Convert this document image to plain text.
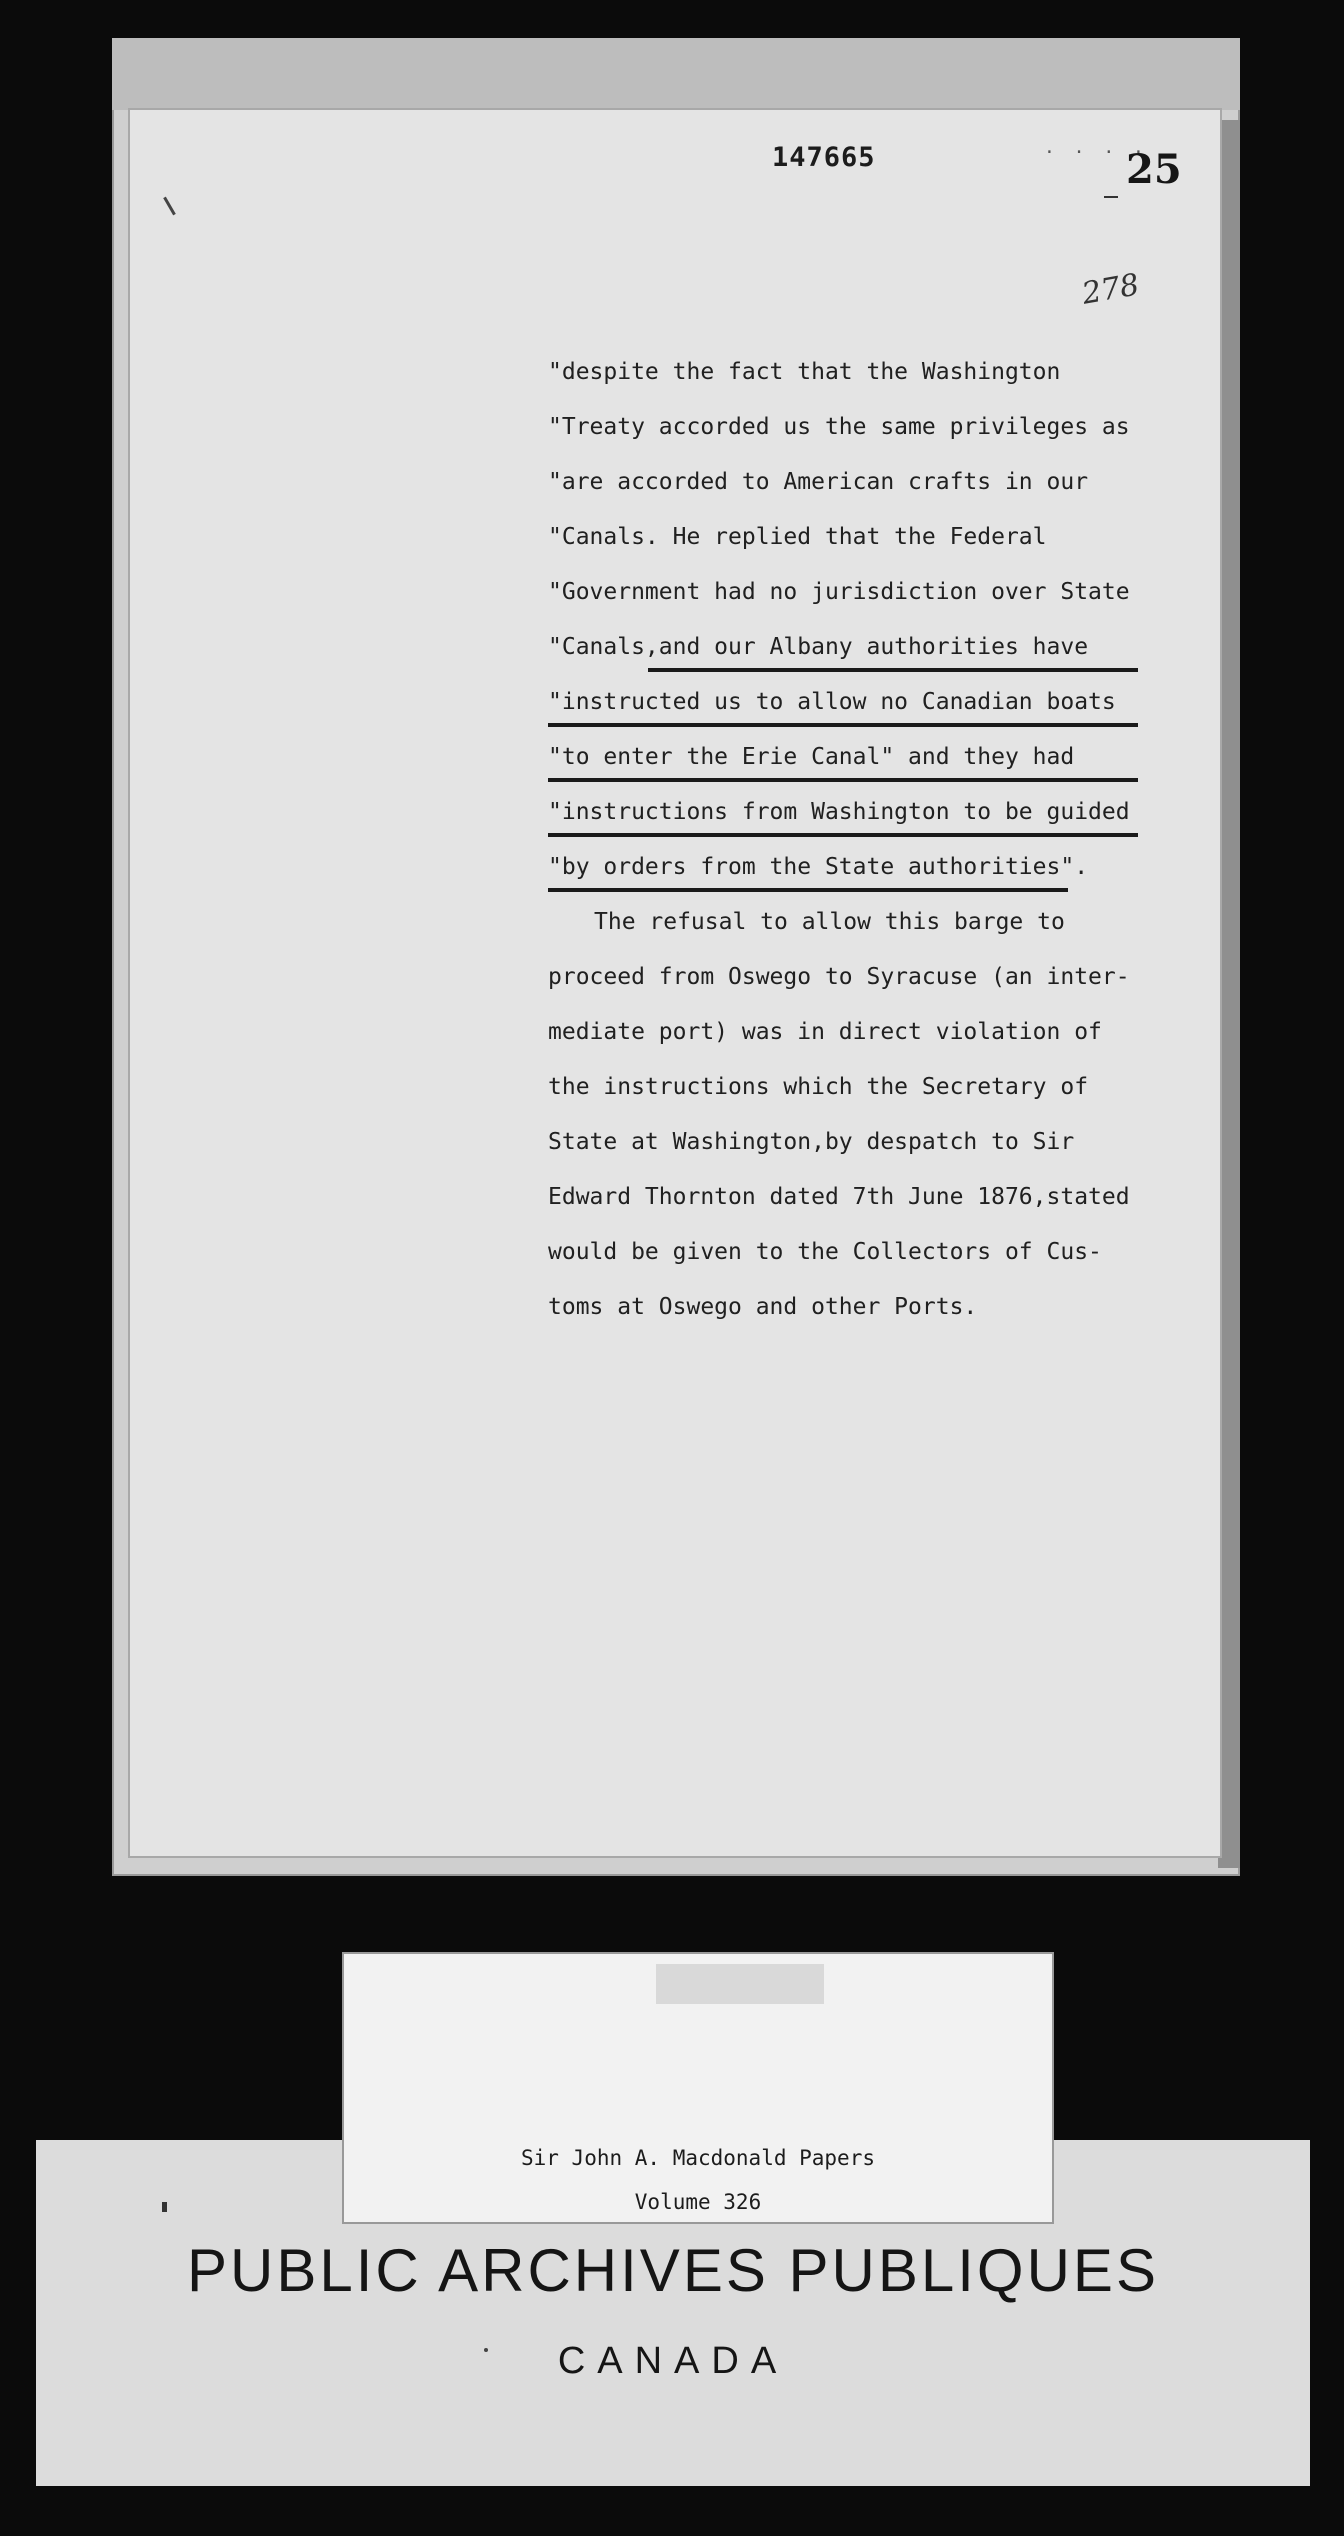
· · · ·
147665	25
278
"despite the fact that the Washington
"Treaty accorded us the same privileges as
"are accorded to American crafts in our
"Canals. He replied that the Federal
"Government had no jurisdiction over State
"Canals,and our Albany authorities have
"instructed us to allow no Canadian boats
"to enter the Erie Canal" and they had
"instructions from Washington to be guided
"by orders from the State authorities".
The refusal to allow this barge to
proceed from Oswego to Syracuse (an inter-
mediate port) was in direct violation of
the instructions which the Secretary of
State at Washington,by despatch to Sir
Edward Thornton dated 7th June 1876,stated
would be given to the Collectors of Cus-
toms at Oswego and other Ports.
PUBLIC ARCHIVES PUBLIQUES
CANADA
Sir John A. Macdonald Papers
Volume 326
